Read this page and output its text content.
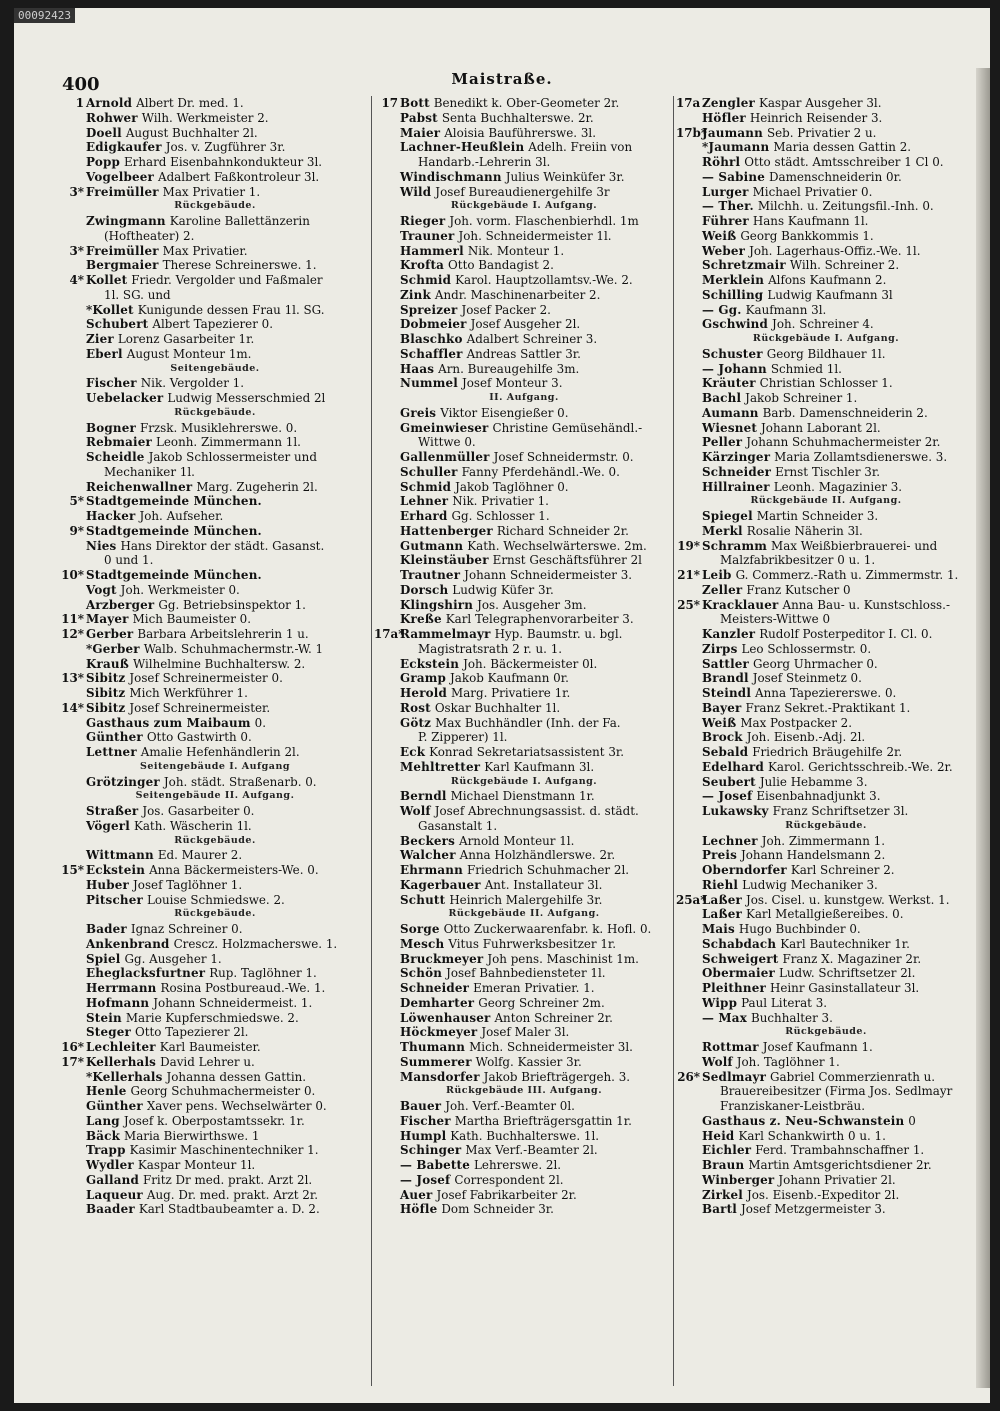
00092423
Maistraße.
400
1 Arnold Albert Dr. med. 1.
Rohwer Wilh. Werkmeister 2.
Doell August Buchhalter 2l.
Edigkaufer Jos. v. Zugführer 3r.
Popp Erhard Eisenbahnkondukteur 3l.
Vogelbeer Adalbert Faßkontroleur 3l.
3* Freimüller Max Privatier 1.
Rückgebäude.
Zwingmann Karoline Ballettänzerin
(Hoftheater) 2.
3* Freimüller Max Privatier.
Bergmaier Therese Schreinerswe. 1.
4* Kollet Friedr. Vergolder und Faßmaler
1l. SG. und
*Kollet Kunigunde dessen Frau 1l. SG.
Schubert Albert Tapezierer 0.
Zier Lorenz Gasarbeiter 1r.
Eberl August Monteur 1m.
Seitengebäude.
Fischer Nik. Vergolder 1.
Uebelacker Ludwig Messerschmied 2l
Rückgebäude.
Bogner Frzsk. Musiklehrerswe. 0.
Rebmaier Leonh. Zimmermann 1l.
Scheidle Jakob Schlossermeister und
Mechaniker 1l.
Reichenwallner Marg. Zugeherin 2l.
5* Stadtgemeinde München.
Hacker Joh. Aufseher.
9* Stadtgemeinde München.
Nies Hans Direktor der städt. Gasanst.
0 und 1.
10* Stadtgemeinde München.
Vogt Joh. Werkmeister 0.
Arzberger Gg. Betriebsinspektor 1.
11* Mayer Mich Baumeister 0.
12* Gerber Barbara Arbeitslehrerin 1 u.
*Gerber Walb. Schuhmachermstr.-W. 1
Krauß Wilhelmine Buchhaltersw. 2.
13* Sibitz Josef Schreinermeister 0.
Sibitz Mich Werkführer 1.
14* Sibitz Josef Schreinermeister.
Gasthaus zum Maibaum 0.
Günther Otto Gastwirth 0.
Lettner Amalie Hefenhändlerin 2l.
Seitengebäude I. Aufgang
Grötzinger Joh. städt. Straßenarb. 0.
Seitengebäude II. Aufgang.
Straßer Jos. Gasarbeiter 0.
Vögerl Kath. Wäscherin 1l.
Rückgebäude.
Wittmann Ed. Maurer 2.
15* Eckstein Anna Bäckermeisters-We. 0.
Huber Josef Taglöhner 1.
Pitscher Louise Schmiedswe. 2.
Rückgebäude.
Bader Ignaz Schreiner 0.
Ankenbrand Crescz. Holzmacherswe. 1.
Spiel Gg. Ausgeher 1.
Eheglacksfurtner Rup. Taglöhner 1.
Herrmann Rosina Postbureaud.-We. 1.
Hofmann Johann Schneidermeist. 1.
Stein Marie Kupferschmiedswe. 2.
Steger Otto Tapezierer 2l.
16* Lechleiter Karl Baumeister.
17* Kellerhals David Lehrer u.
*Kellerhals Johanna dessen Gattin.
Henle Georg Schuhmachermeister 0.
Günther Xaver pens. Wechselwärter 0.
Lang Josef k. Oberpostamtssekr. 1r.
Bäck Maria Bierwirthswe. 1
Trapp Kasimir Maschinentechniker 1.
Wydler Kaspar Monteur 1l.
Galland Fritz Dr med. prakt. Arzt 2l.
Laqueur Aug. Dr. med. prakt. Arzt 2r.
Baader Karl Stadtbaubeamter a. D. 2.
17 Bott Benedikt k. Ober-Geometer 2r.
Pabst Senta Buchhalterswe. 2r.
Maier Aloisia Bauführerswe. 3l.
Lachner-Heußlein Adelh. Freiin von
Handarb.-Lehrerin 3l.
Windischmann Julius Weinküfer 3r.
Wild Josef Bureaudienergehilfe 3r
Rückgebäude I. Aufgang.
Rieger Joh. vorm. Flaschenbierhdl. 1m
Trauner Joh. Schneidermeister 1l.
Hammerl Nik. Monteur 1.
Krofta Otto Bandagist 2.
Schmid Karol. Hauptzollamtsv.-We. 2.
Zink Andr. Maschinenarbeiter 2.
Spreizer Josef Packer 2.
Dobmeier Josef Ausgeher 2l.
Blaschko Adalbert Schreiner 3.
Schaffler Andreas Sattler 3r.
Haas Arn. Bureaugehilfe 3m.
Nummel Josef Monteur 3.
II. Aufgang.
Greis Viktor Eisengießer 0.
Gmeinwieser Christine Gemüsehändl.-
Wittwe 0.
Gallenmüller Josef Schneidermstr. 0.
Schuller Fanny Pferdehändl.-We. 0.
Schmid Jakob Taglöhner 0.
Lehner Nik. Privatier 1.
Erhard Gg. Schlosser 1.
Hattenberger Richard Schneider 2r.
Gutmann Kath. Wechselwärterswe. 2m.
Kleinstäuber Ernst Geschäftsführer 2l
Trautner Johann Schneidermeister 3.
Dorsch Ludwig Küfer 3r.
Klingshirn Jos. Ausgeher 3m.
Kreße Karl Telegraphenvorarbeiter 3.
17a*
Rammelmayr Hyp. Baumstr. u. bgl.
Magistratsrath 2 r. u. 1.
Eckstein Joh. Bäckermeister 0l.
Gramp Jakob Kaufmann 0r.
Herold Marg. Privatiere 1r.
Rost Oskar Buchhalter 1l.
Götz Max Buchhändler (Inh. der Fa.
P. Zipperer) 1l.
Eck Konrad Sekretariatsassistent 3r.
Mehltretter Karl Kaufmann 3l.
Rückgebäude I. Aufgang.
Berndl Michael Dienstmann 1r.
Wolf Josef Abrechnungsassist. d. städt.
Gasanstalt 1.
Beckers Arnold Monteur 1l.
Walcher Anna Holzhändlerswe. 2r.
Ehrmann Friedrich Schuhmacher 2l.
Kagerbauer Ant. Installateur 3l.
Schutt Heinrich Malergehilfe 3r.
Rückgebäude II. Aufgang.
Sorge Otto Zuckerwaarenfabr. k. Hofl. 0.
Mesch Vitus Fuhrwerksbesitzer 1r.
Bruckmeyer Joh pens. Maschinist 1m.
Schön Josef Bahnbediensteter 1l.
Schneider Emeran Privatier. 1.
Demharter Georg Schreiner 2m.
Löwenhauser Anton Schreiner 2r.
Höckmeyer Josef Maler 3l.
Thumann Mich. Schneidermeister 3l.
Summerer Wolfg. Kassier 3r.
Mansdorfer Jakob Briefträgergeh. 3.
Rückgebäude III. Aufgang.
Bauer Joh. Verf.-Beamter 0l.
Fischer Martha Briefträgersgattin 1r.
Humpl Kath. Buchhalterswe. 1l.
Schinger Max Verf.-Beamter 2l.
— Babette Lehrerswe. 2l.
— Josef Correspondent 2l.
Auer Josef Fabrikarbeiter 2r.
Höfle Dom Schneider 3r.
17a Zengler Kaspar Ausgeher 3l.
Höfler Heinrich Reisender 3.
17b*
Jaumann Seb. Privatier 2 u.
*Jaumann Maria dessen Gattin 2.
Röhrl Otto städt. Amtsschreiber 1 Cl 0.
— Sabine Damenschneiderin 0r.
Lurger Michael Privatier 0.
— Ther. Milchh. u. Zeitungsfil.-Inh. 0.
Führer Hans Kaufmann 1l.
Weiß Georg Bankkommis 1.
Weber Joh. Lagerhaus-Offiz.-We. 1l.
Schretzmair Wilh. Schreiner 2.
Merklein Alfons Kaufmann 2.
Schilling Ludwig Kaufmann 3l
— Gg. Kaufmann 3l.
Gschwind Joh. Schreiner 4.
Rückgebäude I. Aufgang.
Schuster Georg Bildhauer 1l.
— Johann Schmied 1l.
Kräuter Christian Schlosser 1.
Bachl Jakob Schreiner 1.
Aumann Barb. Damenschneiderin 2.
Wiesnet Johann Laborant 2l.
Peller Johann Schuhmachermeister 2r.
Kärzinger Maria Zollamtsdienerswe. 3.
Schneider Ernst Tischler 3r.
Hillrainer Leonh. Magazinier 3.
Rückgebäude II. Aufgang.
Spiegel Martin Schneider 3.
Merkl Rosalie Näherin 3l.
19* Schramm Max Weißbierbrauerei- und
Malzfabrikbesitzer 0 u. 1.
21* Leib G. Commerz.-Rath u. Zimmermstr. 1.
Zeller Franz Kutscher 0
25* Kracklauer Anna Bau- u. Kunstschloss.-
Meisters-Wittwe 0
Kanzler Rudolf Posterpeditor I. Cl. 0.
Zirps Leo Schlossermstr. 0.
Sattler Georg Uhrmacher 0.
Brandl Josef Steinmetz 0.
Steindl Anna Tapeziererswe. 0.
Bayer Franz Sekret.-Praktikant 1.
Weiß Max Postpacker 2.
Brock Joh. Eisenb.-Adj. 2l.
Sebald Friedrich Bräugehilfe 2r.
Edelhard Karol. Gerichtsschreib.-We. 2r.
Seubert Julie Hebamme 3.
— Josef Eisenbahnadjunkt 3.
Lukawsky Franz Schriftsetzer 3l.
Rückgebäude.
Lechner Joh. Zimmermann 1.
Preis Johann Handelsmann 2.
Oberndorfer Karl Schreiner 2.
Riehl Ludwig Mechaniker 3.
25a*
Laßer Jos. Cisel. u. kunstgew. Werkst. 1.
Laßer Karl Metallgießereibes. 0.
Mais Hugo Buchbinder 0.
Schabdach Karl Bautechniker 1r.
Schweigert Franz X. Magaziner 2r.
Obermaier Ludw. Schriftsetzer 2l.
Pleithner Heinr Gasinstallateur 3l.
Wipp Paul Literat 3.
— Max Buchhalter 3.
Rückgebäude.
Rottmar Josef Kaufmann 1.
Wolf Joh. Taglöhner 1.
26* Sedlmayr Gabriel Commerzienrath u.
Brauereibesitzer (Firma Jos. Sedlmayr
Franziskaner-Leistbräu.
Gasthaus z. Neu-Schwanstein 0
Heid Karl Schankwirth 0 u. 1.
Eichler Ferd. Trambahnschaffner 1.
Braun Martin Amtsgerichtsdiener 2r.
Winberger Johann Privatier 2l.
Zirkel Jos. Eisenb.-Expeditor 2l.
Bartl Josef Metzgermeister 3.
